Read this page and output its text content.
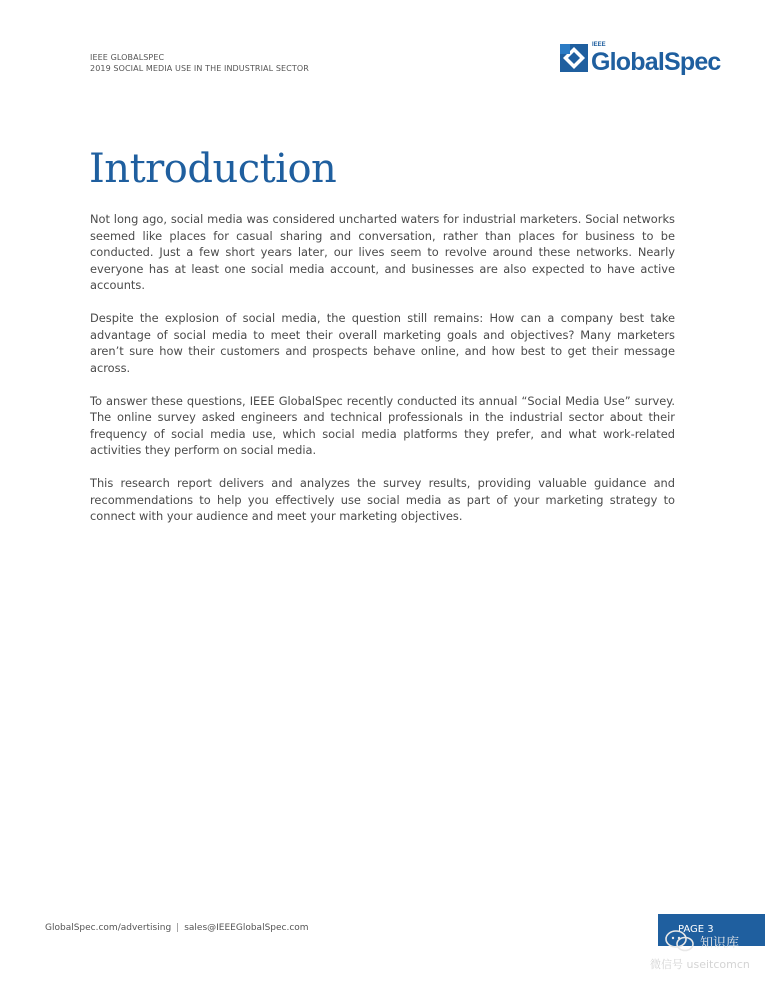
IEEE GLOBALSPEC
2019 SOCIAL MEDIA USE IN THE INDUSTRIAL SECTOR
IEEE
GlobalSpec
Introduction

Not long ago, social media was considered uncharted waters for industrial marketers. Social networks seemed like places for casual sharing and conversation, rather than places for business to be conducted. Just a few short years later, our lives seem to revolve around these networks. Nearly everyone has at least one social media account, and businesses are also expected to have active accounts.

Despite the explosion of social media, the question still remains: How can a company best take advantage of social media to meet their overall marketing goals and objectives? Many marketers aren’t sure how their customers and prospects behave online, and how best to get their message across.

To answer these questions, IEEE GlobalSpec recently conducted its annual “Social Media Use” survey. The online survey asked engineers and technical professionals in the industrial sector about their frequency of social media use, which social media platforms they prefer, and what work-related activities they perform on social media.

This research report delivers and analyzes the survey results, providing valuable guidance and recommendations to help you effectively use social media as part of your marketing strategy to connect with your audience and meet your marketing objectives.

GlobalSpec.com/advertising | sales@IEEEGlobalSpec.com	PAGE 3
知识库
微信号 useitcomcn
